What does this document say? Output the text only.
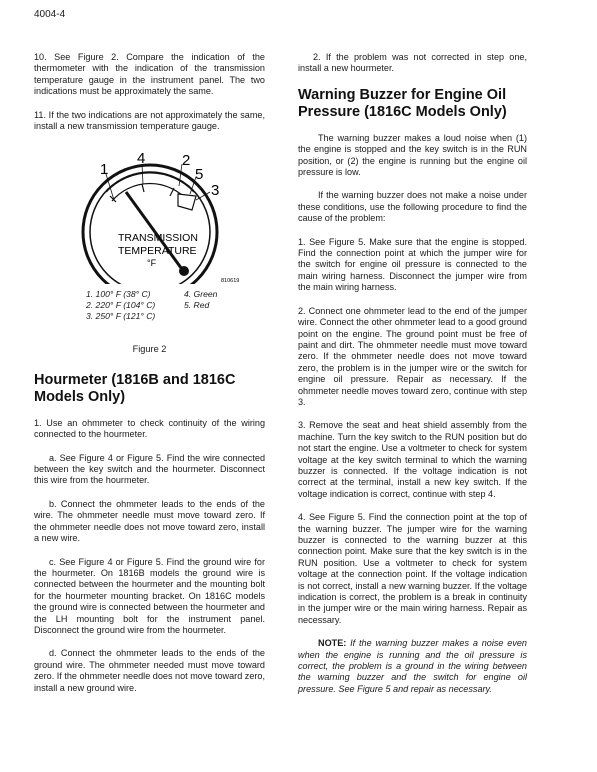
4004-4

10. See Figure 2. Compare the indication of the thermometer with the indication of the transmission temperature gauge in the instrument panel. The two indications must be approximately the same.

11. If the two indications are not approximately the same, install a new transmission temperature gauge.

1
2
3
4
5
TRANSMISSION
TEMPERATURE
°F
810619
1. 100° F (38° C)	4. Green
2. 220° F (104° C)	5. Red
3. 250° F (121° C)
Figure 2
Hourmeter (1816B and 1816C Models Only)

1. Use an ohmmeter to check continuity of the wiring connected to the hourmeter.

a. See Figure 4 or Figure 5. Find the wire connected between the key switch and the hourmeter. Disconnect this wire from the hourmeter.

b. Connect the ohmmeter leads to the ends of the wire. The ohmmeter needle must move toward zero. If the ohmmeter needle does not move toward zero, install a new wire.

c. See Figure 4 or Figure 5. Find the ground wire for the hourmeter. On 1816B models the ground wire is connected between the hourmeter and the mounting bolt for the hourmeter mounting bracket. On 1816C models the ground wire is connected between the hourmeter and the LH mounting bolt for the instrument panel. Disconnect the ground wire from the hourmeter.

d. Connect the ohmmeter leads to the ends of the ground wire. The ohmmeter needed must move toward zero. If the ohmmeter needle does not move toward zero, install a new ground wire.

2. If the problem was not corrected in step one, install a new hourmeter.

Warning Buzzer for Engine Oil Pressure (1816C Models Only)

The warning buzzer makes a loud noise when (1) the engine is stopped and the key switch is in the RUN position, or (2) the engine is running but the engine oil pressure is low.

If the warning buzzer does not make a noise under these conditions, use the following procedure to find the cause of the problem:

1. See Figure 5. Make sure that the engine is stopped. Find the connection point at which the jumper wire for the switch for engine oil pressure is connected to the main wiring harness. Disconnect the jumper wire from the main wiring harness.

2. Connect one ohmmeter lead to the end of the jumper wire. Connect the other ohmmeter lead to a good ground point on the engine. The ground point must be free of paint and dirt. The ohmmeter needle must move toward zero. If the ohmmeter needle does not move toward zero, the problem is in the jumper wire or the switch for engine oil pressure. Repair as necessary. If the ohmmeter needle moves toward zero, continue with step 3.

3. Remove the seat and heat shield assembly from the machine. Turn the key switch to the RUN position but do not start the engine. Use a voltmeter to check for system voltage at the key switch terminal to which the warning buzzer is connected. If the voltage indication is not correct at the terminal, install a new key switch. If the voltage indication is correct, continue with step 4.

4. See Figure 5. Find the connection point at the top of the warning buzzer. The jumper wire for the warning buzzer is connected to the warning buzzer at this connection point. Make sure that the key switch is in the RUN position. Use a voltmeter to check for system voltage at the connection point. If the voltage indication is not correct, install a new warning buzzer. If the voltage indication is correct, the problem is a break in continuity in the jumper wire or the main wiring harness. Repair as necessary.

NOTE: If the warning buzzer makes a noise even when the engine is running and the oil pressure is correct, the problem is a ground in the wiring between the warning buzzer and the switch for engine oil pressure. See Figure 5 and repair as necessary.
